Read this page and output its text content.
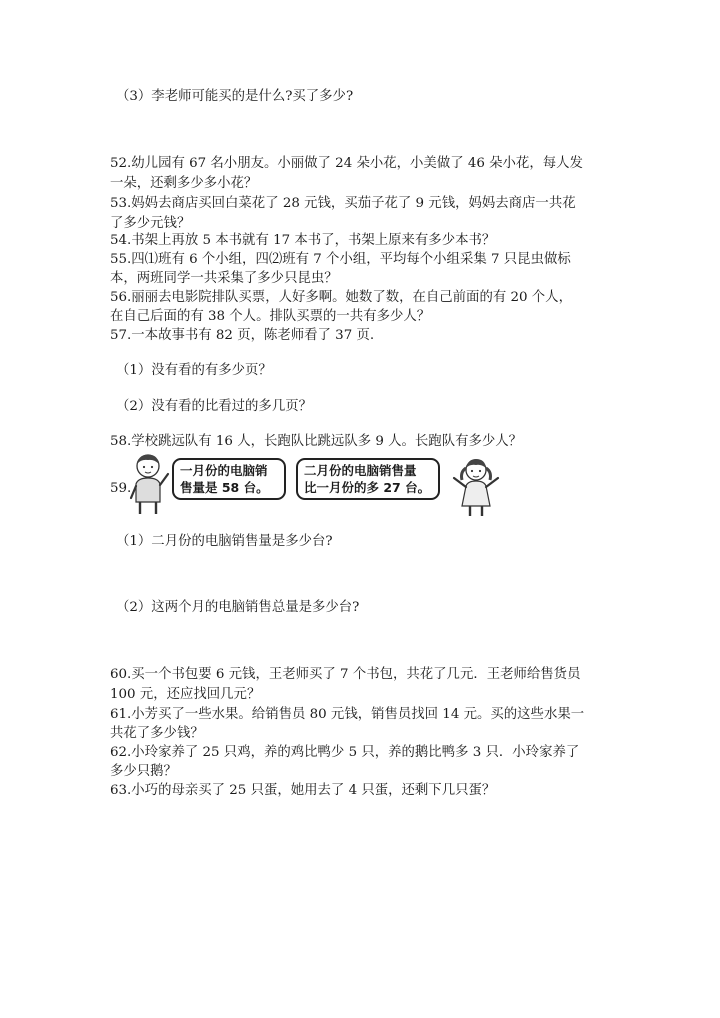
（3）李老师可能买的是什么?买了多少?
52.幼儿园有 67 名小朋友。小丽做了 24 朵小花，小美做了 46 朵小花，每人发
一朵，还剩多少多小花？
53.妈妈去商店买回白菜花了 28 元钱，买茄子花了 9 元钱，妈妈去商店一共花
了多少元钱？
54.书架上再放 5 本书就有 17 本书了，书架上原来有多少本书？
55.四⑴班有 6 个小组，四⑵班有 7 个小组，平均每个小组采集 7 只昆虫做标
本，两班同学一共采集了多少只昆虫？
56.丽丽去电影院排队买票，人好多啊。她数了数，在自己前面的有 20 个人，
在自己后面的有 38 个人。排队买票的一共有多少人？
57.一本故事书有 82 页，陈老师看了 37 页.
（1）没有看的有多少页？
（2）没有看的比看过的多几页？
58.学校跳远队有 16 人，长跑队比跳远队多 9 人。长跑队有多少人？
59.
一月份的电脑销
售量是 58 台。
二月份的电脑销售量
比一月份的多 27 台。
（1）二月份的电脑销售量是多少台?
（2）这两个月的电脑销售总量是多少台?
60.买一个书包要 6 元钱，王老师买了 7 个书包，共花了几元．王老师给售货员
100 元，还应找回几元？
61.小芳买了一些水果。给销售员 80 元钱，销售员找回 14 元。买的这些水果一
共花了多少钱？
62.小玲家养了 25 只鸡，养的鸡比鸭少 5 只，养的鹅比鸭多 3 只．小玲家养了
多少只鹅？
63.小巧的母亲买了 25 只蛋，她用去了 4 只蛋，还剩下几只蛋？
